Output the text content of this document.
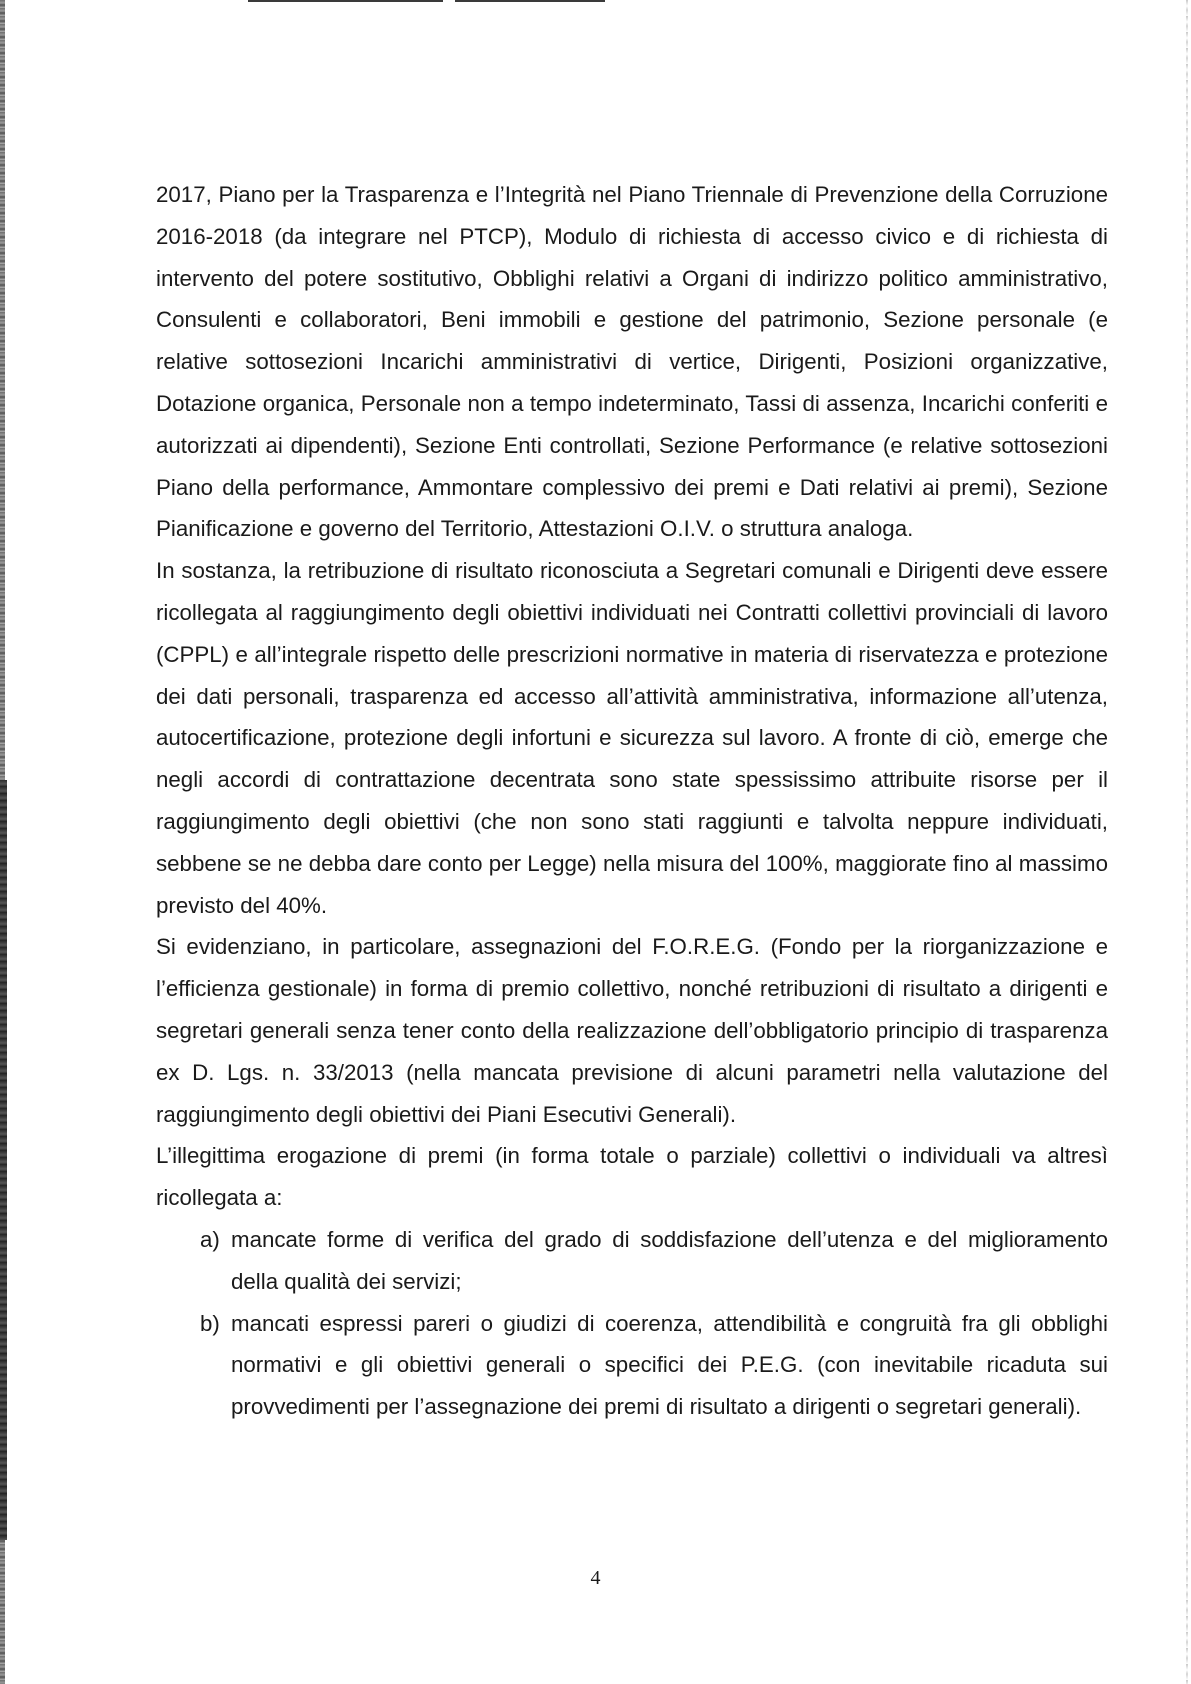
2017, Piano per la Trasparenza e l’Integrità nel Piano Triennale di Prevenzione della Corruzione 2016-2018 (da integrare nel PTCP), Modulo di richiesta di accesso civico e di richiesta di intervento del potere sostitutivo, Obblighi relativi a Organi di indirizzo politico amministrativo, Consulenti e collaboratori, Beni immobili e gestione del patrimonio, Sezione personale (e relative sottosezioni Incarichi amministrativi di vertice, Dirigenti, Posizioni organizzative, Dotazione organica, Personale non a tempo indeterminato, Tassi di assenza, Incarichi conferiti e autorizzati ai dipendenti), Sezione Enti controllati, Sezione Performance (e relative sottosezioni Piano della performance, Ammontare complessivo dei premi e Dati relativi ai premi), Sezione Pianificazione e governo del Territorio, Attestazioni O.I.V. o struttura analoga.

In sostanza, la retribuzione di risultato riconosciuta a Segretari comunali e Dirigenti deve essere ricollegata al raggiungimento degli obiettivi individuati nei Contratti collettivi provinciali di lavoro (CPPL) e all’integrale rispetto delle prescrizioni normative in materia di riservatezza e protezione dei dati personali, trasparenza ed accesso all’attività amministrativa, informazione all’utenza, autocertificazione, protezione degli infortuni e sicurezza sul lavoro. A fronte di ciò, emerge che negli accordi di contrattazione decentrata sono state spessissimo attribuite risorse per il raggiungimento degli obiettivi (che non sono stati raggiunti e talvolta neppure individuati, sebbene se ne debba dare conto per Legge) nella misura del 100%, maggiorate fino al massimo previsto del 40%.

Si evidenziano, in particolare, assegnazioni del F.O.R.E.G. (Fondo per la riorganizzazione e l’efficienza gestionale) in forma di premio collettivo, nonché retribuzioni di risultato a dirigenti e segretari generali senza tener conto della realizzazione dell’obbligatorio principio di trasparenza ex D. Lgs. n. 33/2013 (nella mancata previsione di alcuni parametri nella valutazione del raggiungimento degli obiettivi dei Piani Esecutivi Generali).

L’illegittima erogazione di premi (in forma totale o parziale) collettivi o individuali va altresì ricollegata a:

a) mancate forme di verifica del grado di soddisfazione dell’utenza e del miglioramento della qualità dei servizi;
b) mancati espressi pareri o giudizi di coerenza, attendibilità e congruità fra gli obblighi normativi e gli obiettivi generali o specifici dei P.E.G. (con inevitabile ricaduta sui provvedimenti per l’assegnazione dei premi di risultato a dirigenti o segretari generali).
4
